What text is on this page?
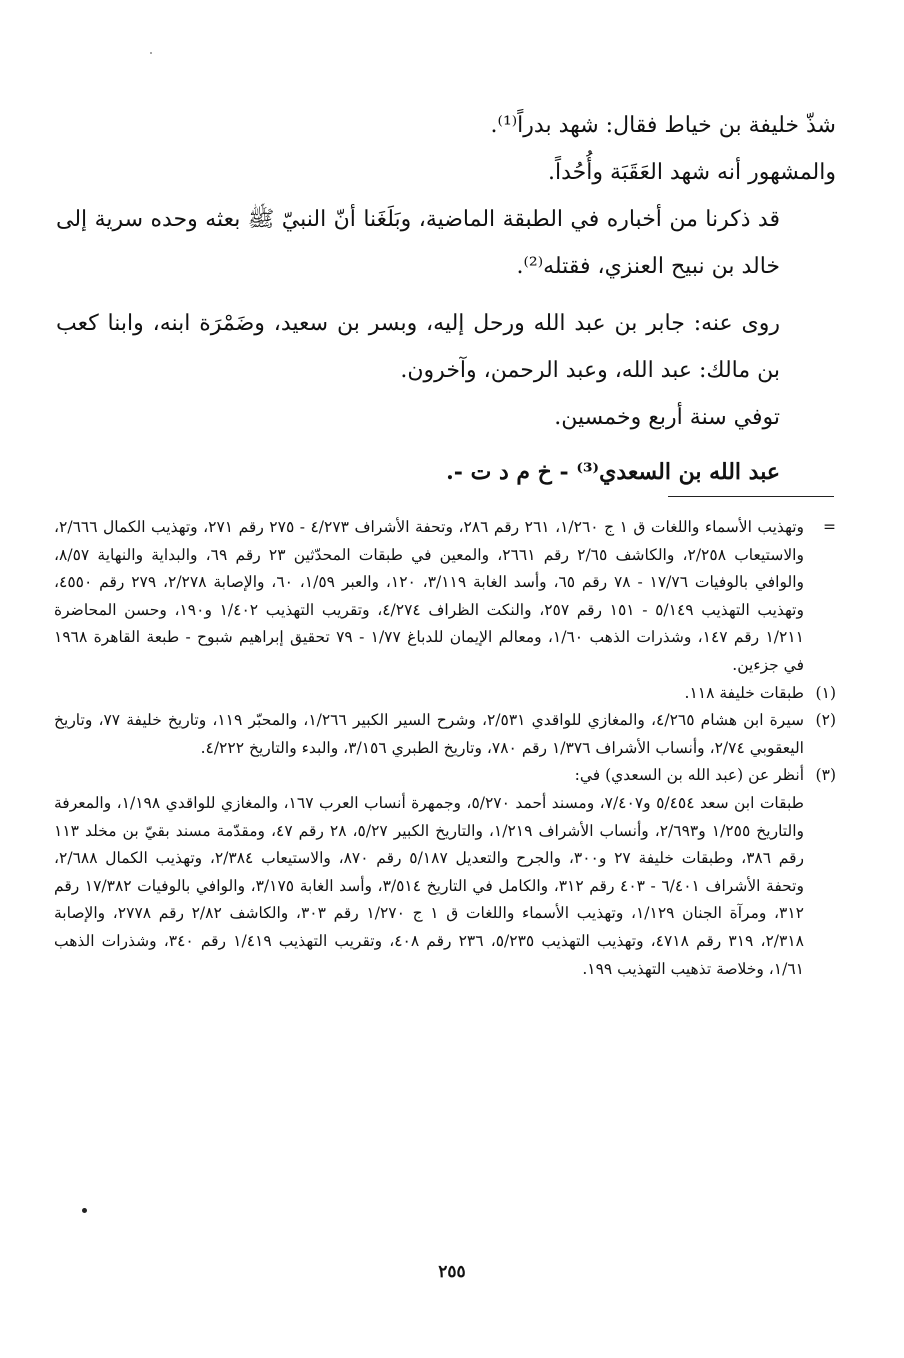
شذّ خليفة بن خياط فقال: شهد بدراً⁽¹⁾.

والمشهور أنه شهد العَقَبَة وأُحُداً.

قد ذكرنا من أخباره في الطبقة الماضية، وبَلَغَنا أنّ النبيّ ﷺ بعثه وحده سرية إلى خالد بن نبيح العنزي، فقتله⁽²⁾.

روى عنه: جابر بن عبد الله ورحل إليه، وبسر بن سعيد، وضَمْرَة ابنه، وابنا كعب بن مالك: عبد الله، وعبد الرحمن، وآخرون.

توفي سنة أربع وخمسين.

عبد الله بن السعدي⁽³⁾ - خ م د ت -.

=
وتهذيب الأسماء واللغات ق ١ ج ١/٢٦٠، ٢٦١ رقم ٢٨٦، وتحفة الأشراف ٤/٢٧٣ - ٢٧٥ رقم ٢٧١، وتهذيب الكمال ٢/٦٦٦، والاستيعاب ٢/٢٥٨، والكاشف ٢/٦٥ رقم ٢٦٦١، والمعين في طبقات المحدّثين ٢٣ رقم ٦٩، والبداية والنهاية ٨/٥٧، والوافي بالوفيات ١٧/٧٦ - ٧٨ رقم ٦٥، وأسد الغابة ٣/١١٩، ١٢٠، والعبر ١/٥٩، ٦٠، والإصابة ٢/٢٧٨، ٢٧٩ رقم ٤٥٥٠، وتهذيب التهذيب ٥/١٤٩ - ١٥١ رقم ٢٥٧، والنكت الظراف ٤/٢٧٤، وتقريب التهذيب ١/٤٠٢ و١٩٠، وحسن المحاضرة ١/٢١١ رقم ١٤٧، وشذرات الذهب ١/٦٠، ومعالم الإيمان للدباغ ١/٧٧ - ٧٩ تحقيق إبراهيم شبوح - طبعة القاهرة ١٩٦٨ في جزءين.
(١)
طبقات خليفة ١١٨.
(٢)
سيرة ابن هشام ٤/٢٦٥، والمغازي للواقدي ٢/٥٣١، وشرح السير الكبير ١/٢٦٦، والمحبّر ١١٩، وتاريخ خليفة ٧٧، وتاريخ اليعقوبي ٢/٧٤، وأنساب الأشراف ١/٣٧٦ رقم ٧٨٠، وتاريخ الطبري ٣/١٥٦، والبدء والتاريخ ٤/٢٢٢.
(٣)
أنظر عن (عبد الله بن السعدي) في:
طبقات ابن سعد ٥/٤٥٤ و٧/٤٠٧، ومسند أحمد ٥/٢٧٠، وجمهرة أنساب العرب ١٦٧، والمغازي للواقدي ١/١٩٨، والمعرفة والتاريخ ١/٢٥٥ و٢/٦٩٣، وأنساب الأشراف ١/٢١٩، والتاريخ الكبير ٥/٢٧، ٢٨ رقم ٤٧، ومقدّمة مسند بقيّ بن مخلد ١١٣ رقم ٣٨٦، وطبقات خليفة ٢٧ و٣٠٠، والجرح والتعديل ٥/١٨٧ رقم ٨٧٠، والاستيعاب ٢/٣٨٤، وتهذيب الكمال ٢/٦٨٨، وتحفة الأشراف ٦/٤٠١ - ٤٠٣ رقم ٣١٢، والكامل في التاريخ ٣/٥١٤، وأسد الغابة ٣/١٧٥، والوافي بالوفيات ١٧/٣٨٢ رقم ٣١٢، ومرآة الجنان ١/١٢٩، وتهذيب الأسماء واللغات ق ١ ج ١/٢٧٠ رقم ٣٠٣، والكاشف ٢/٨٢ رقم ٢٧٧٨، والإصابة ٢/٣١٨، ٣١٩ رقم ٤٧١٨، وتهذيب التهذيب ٥/٢٣٥، ٢٣٦ رقم ٤٠٨، وتقريب التهذيب ١/٤١٩ رقم ٣٤٠، وشذرات الذهب ١/٦١، وخلاصة تذهيب التهذيب ١٩٩.
٢٥٥
